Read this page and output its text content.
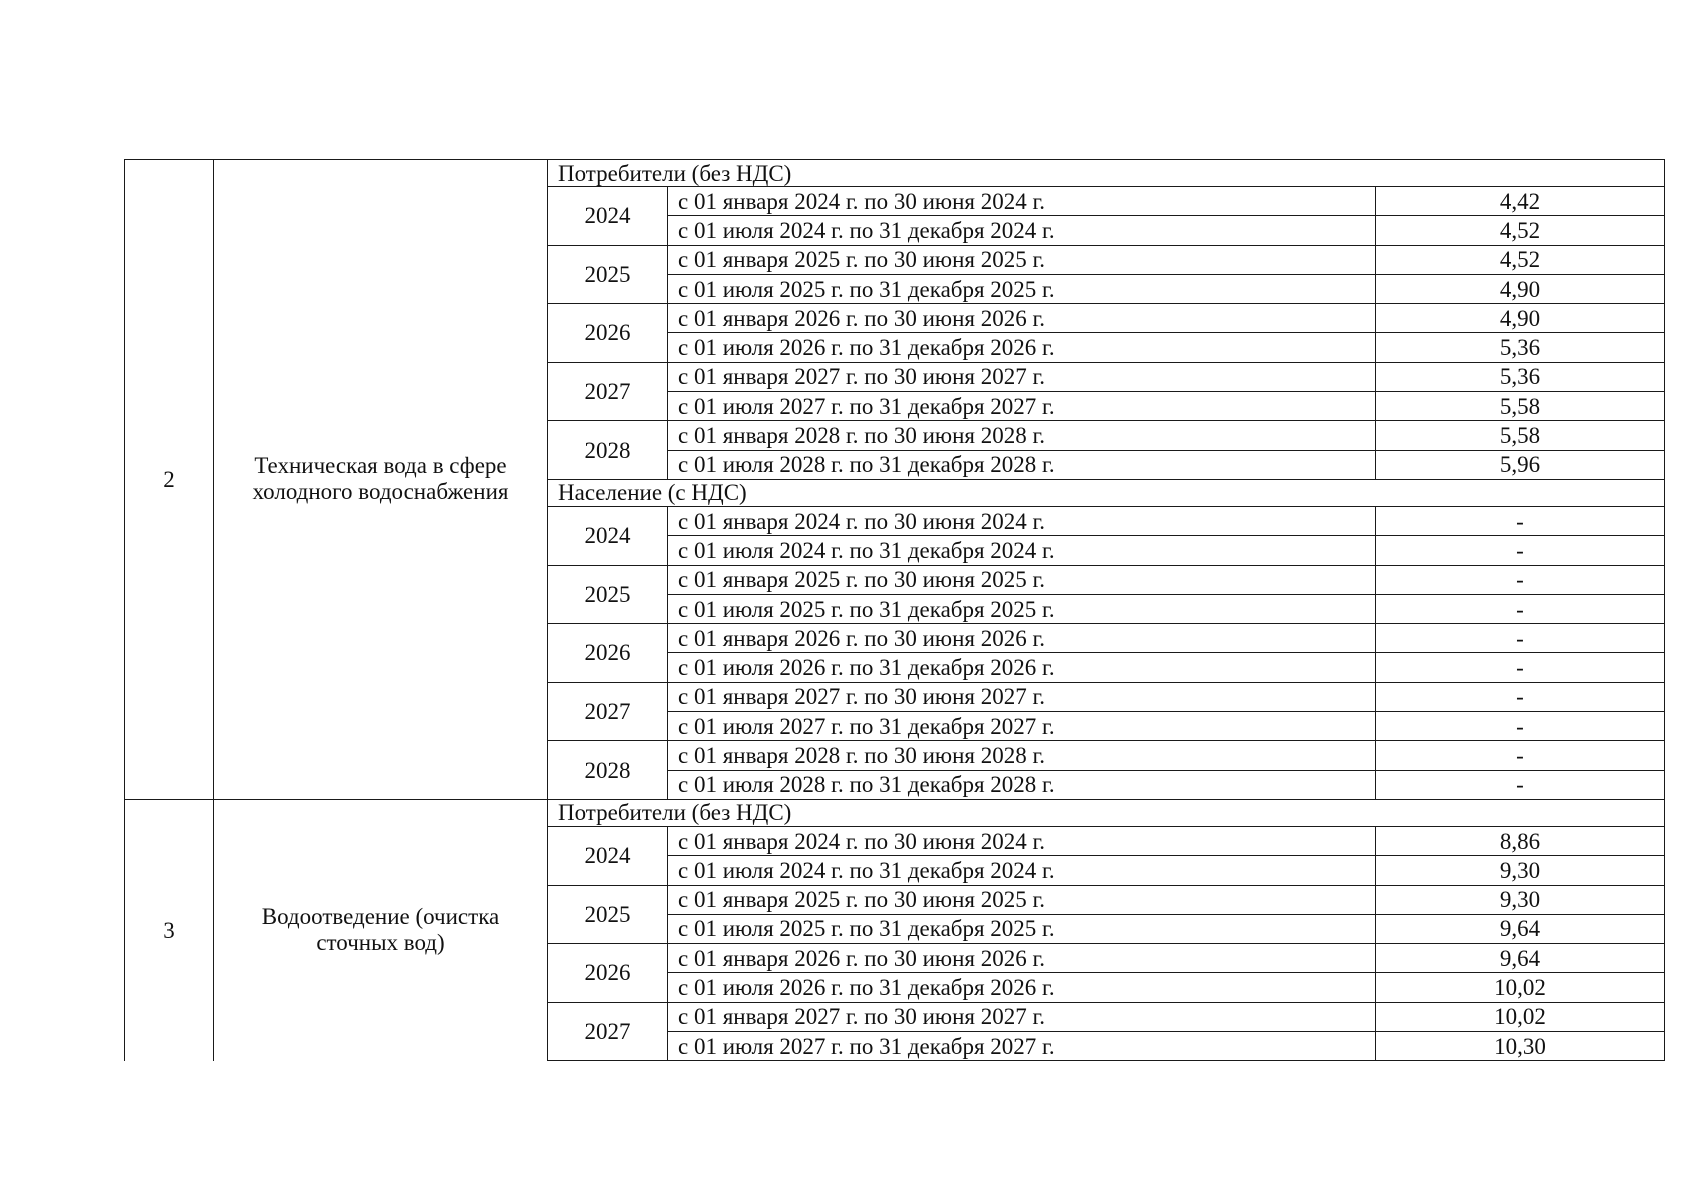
2	Техническая вода в сфере холодного водоснабжения	Потребители (без НДС)		
		2024	с 01 января 2024 г. по 30 июня 2024 г.	4,42
			с 01 июля 2024 г. по 31 декабря 2024 г.	4,52
		2025	с 01 января 2025 г. по 30 июня 2025 г.	4,52
			с 01 июля 2025 г. по 31 декабря 2025 г.	4,90
		2026	с 01 января 2026 г. по 30 июня 2026 г.	4,90
			с 01 июля 2026 г. по 31 декабря 2026 г.	5,36
		2027	с 01 января 2027 г. по 30 июня 2027 г.	5,36
			с 01 июля 2027 г. по 31 декабря 2027 г.	5,58
		2028	с 01 января 2028 г. по 30 июня 2028 г.	5,58
			с 01 июля 2028 г. по 31 декабря 2028 г.	5,96
		Население (с НДС)		
		2024	с 01 января 2024 г. по 30 июня 2024 г.	-
			с 01 июля 2024 г. по 31 декабря 2024 г.	-
		2025	с 01 января 2025 г. по 30 июня 2025 г.	-
			с 01 июля 2025 г. по 31 декабря 2025 г.	-
		2026	с 01 января 2026 г. по 30 июня 2026 г.	-
			с 01 июля 2026 г. по 31 декабря 2026 г.	-
		2027	с 01 января 2027 г. по 30 июня 2027 г.	-
			с 01 июля 2027 г. по 31 декабря 2027 г.	-
		2028	с 01 января 2028 г. по 30 июня 2028 г.	-
			с 01 июля 2028 г. по 31 декабря 2028 г.	-
3	Водоотведение (очистка сточных вод)	Потребители (без НДС)		
		2024	с 01 января 2024 г. по 30 июня 2024 г.	8,86
			с 01 июля 2024 г. по 31 декабря 2024 г.	9,30
		2025	с 01 января 2025 г. по 30 июня 2025 г.	9,30
			с 01 июля 2025 г. по 31 декабря 2025 г.	9,64
		2026	с 01 января 2026 г. по 30 июня 2026 г.	9,64
			с 01 июля 2026 г. по 31 декабря 2026 г.	10,02
		2027	с 01 января 2027 г. по 30 июня 2027 г.	10,02
			с 01 июля 2027 г. по 31 декабря 2027 г.	10,30
